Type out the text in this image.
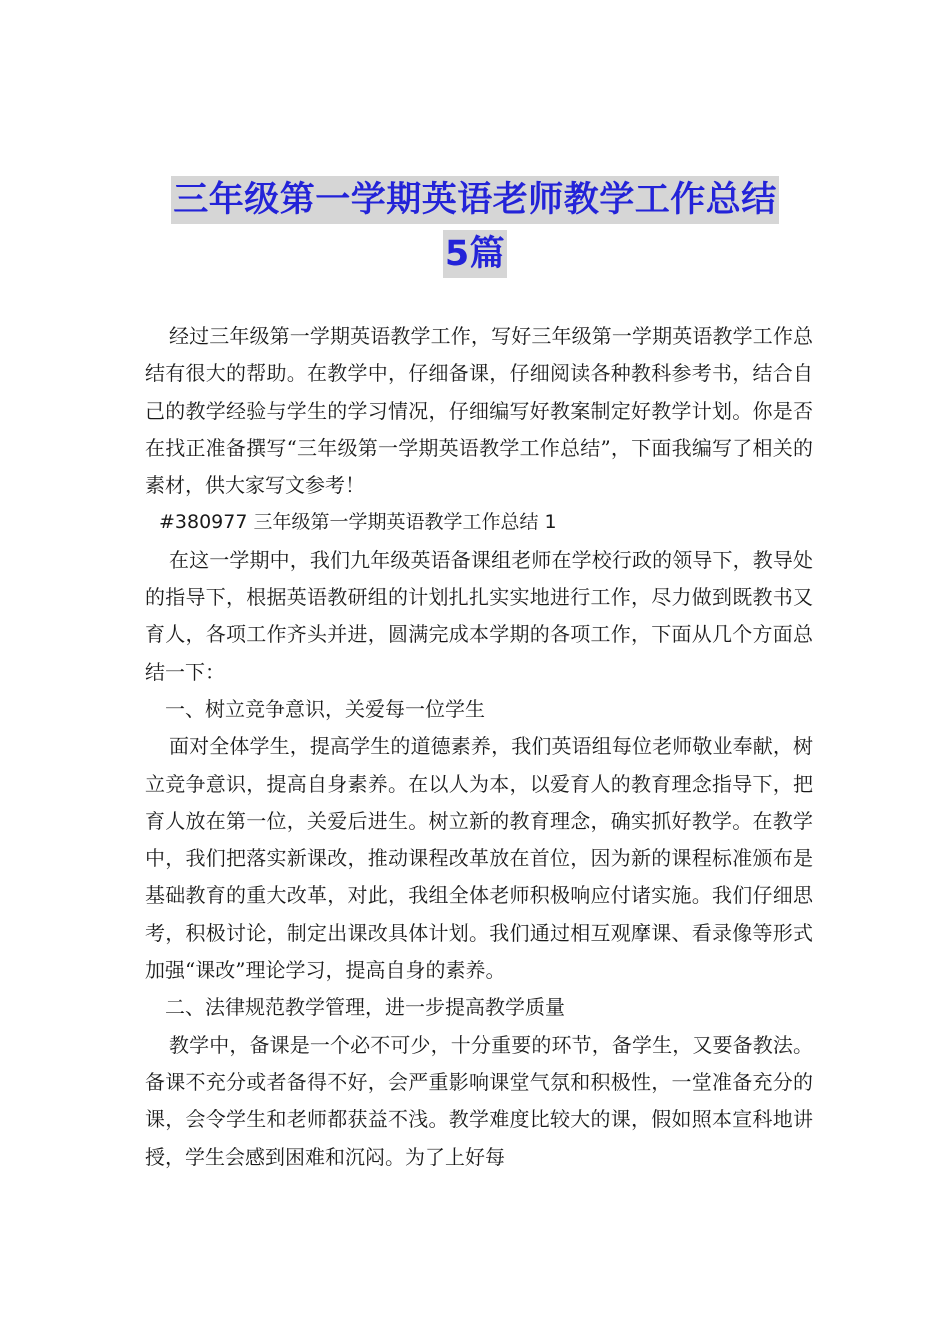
三年级第一学期英语老师教学工作总结
5篇

经过三年级第一学期英语教学工作，写好三年级第一学期英语教学工作总结有很大的帮助。在教学中，仔细备课，仔细阅读各种教科参考书，结合自己的教学经验与学生的学习情况，仔细编写好教案制定好教学计划。你是否在找正准备撰写“三年级第一学期英语教学工作总结”，下面我编写了相关的素材，供大家写文参考！

#380977 三年级第一学期英语教学工作总结 1

在这一学期中，我们九年级英语备课组老师在学校行政的领导下，教导处的指导下，根据英语教研组的计划扎扎实实地进行工作，尽力做到既教书又育人，各项工作齐头并进，圆满完成本学期的各项工作，下面从几个方面总结一下：

一、树立竞争意识，关爱每一位学生

面对全体学生，提高学生的道德素养，我们英语组每位老师敬业奉献，树立竞争意识，提高自身素养。在以人为本，以爱育人的教育理念指导下，把育人放在第一位，关爱后进生。树立新的教育理念，确实抓好教学。在教学中，我们把落实新课改，推动课程改革放在首位，因为新的课程标准颁布是基础教育的重大改革，对此，我组全体老师积极响应付诸实施。我们仔细思考，积极讨论，制定出课改具体计划。我们通过相互观摩课、看录像等形式加强“课改”理论学习，提高自身的素养。

二、法律规范教学管理，进一步提高教学质量

教学中，备课是一个必不可少，十分重要的环节，备学生，又要备教法。备课不充分或者备得不好，会严重影响课堂气氛和积极性，一堂准备充分的课，会令学生和老师都获益不浅。教学难度比较大的课，假如照本宣科地讲授，学生会感到困难和沉闷。为了上好每
